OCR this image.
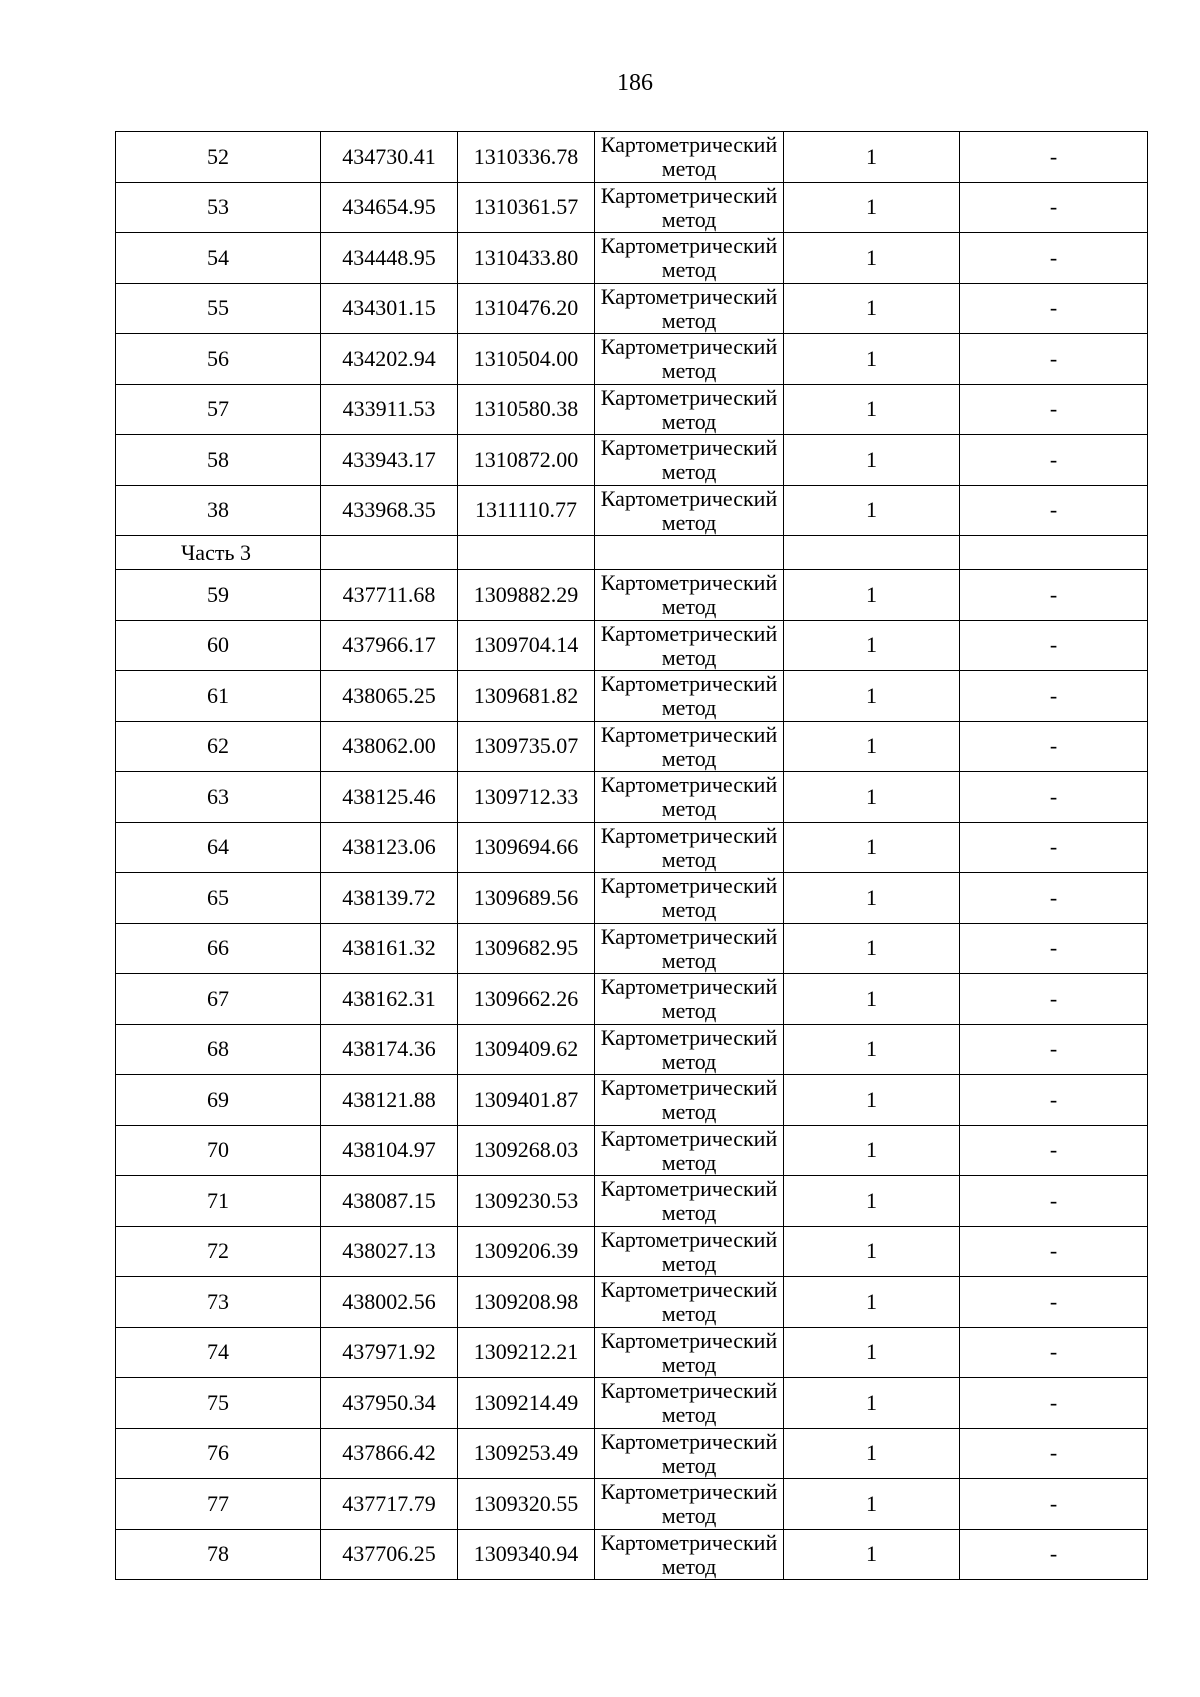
186
52	434730.41	1310336.78	Картометрический метод	1	-
53	434654.95	1310361.57	Картометрический метод	1	-
54	434448.95	1310433.80	Картометрический метод	1	-
55	434301.15	1310476.20	Картометрический метод	1	-
56	434202.94	1310504.00	Картометрический метод	1	-
57	433911.53	1310580.38	Картометрический метод	1	-
58	433943.17	1310872.00	Картометрический метод	1	-
38	433968.35	1311110.77	Картометрический метод	1	-
Часть 3					
59	437711.68	1309882.29	Картометрический метод	1	-
60	437966.17	1309704.14	Картометрический метод	1	-
61	438065.25	1309681.82	Картометрический метод	1	-
62	438062.00	1309735.07	Картометрический метод	1	-
63	438125.46	1309712.33	Картометрический метод	1	-
64	438123.06	1309694.66	Картометрический метод	1	-
65	438139.72	1309689.56	Картометрический метод	1	-
66	438161.32	1309682.95	Картометрический метод	1	-
67	438162.31	1309662.26	Картометрический метод	1	-
68	438174.36	1309409.62	Картометрический метод	1	-
69	438121.88	1309401.87	Картометрический метод	1	-
70	438104.97	1309268.03	Картометрический метод	1	-
71	438087.15	1309230.53	Картометрический метод	1	-
72	438027.13	1309206.39	Картометрический метод	1	-
73	438002.56	1309208.98	Картометрический метод	1	-
74	437971.92	1309212.21	Картометрический метод	1	-
75	437950.34	1309214.49	Картометрический метод	1	-
76	437866.42	1309253.49	Картометрический метод	1	-
77	437717.79	1309320.55	Картометрический метод	1	-
78	437706.25	1309340.94	Картометрический метод	1	-
